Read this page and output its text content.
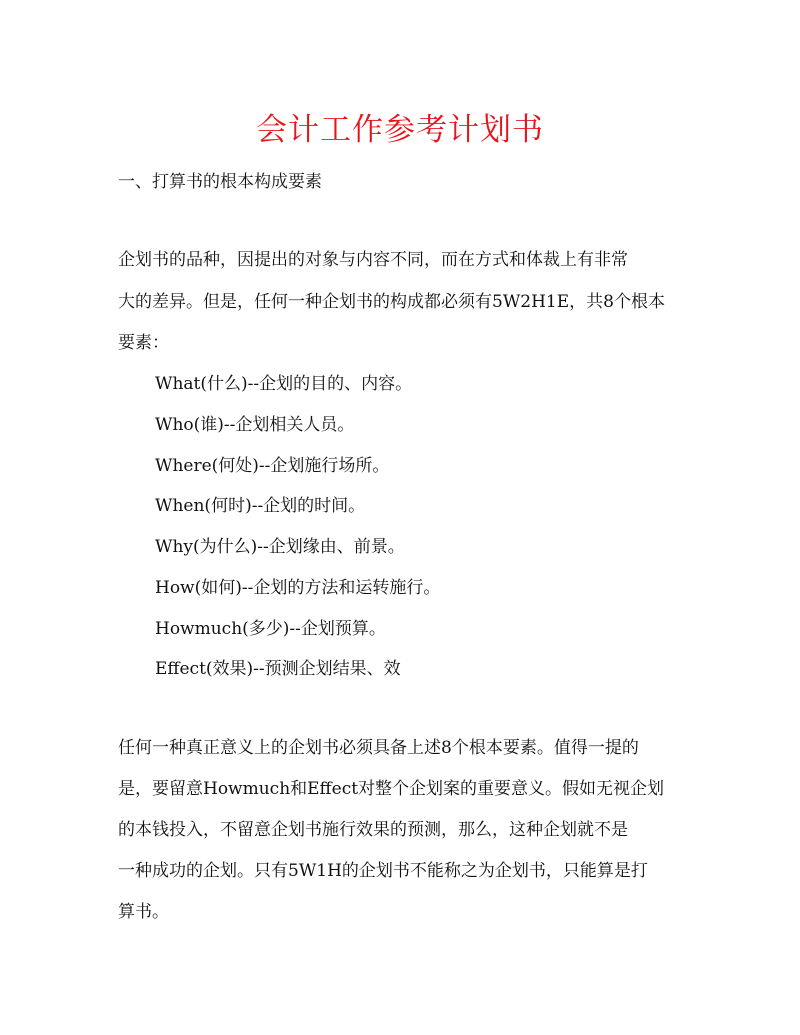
会计工作参考计划书
一、打算书的根本构成要素
企划书的品种，因提出的对象与内容不同，而在方式和体裁上有非常
大的差异。但是，任何一种企划书的构成都必须有5W2H1E，共8个根本
要素：
What(什么)--企划的目的、内容。
Who(谁)--企划相关人员。
Where(何处)--企划施行场所。
When(何时)--企划的时间。
Why(为什么)--企划缘由、前景。
How(如何)--企划的方法和运转施行。
Howmuch(多少)--企划预算。
Effect(效果)--预测企划结果、效
任何一种真正意义上的企划书必须具备上述8个根本要素。值得一提的
是，要留意Howmuch和Effect对整个企划案的重要意义。假如无视企划
的本钱投入，不留意企划书施行效果的预测，那么，这种企划就不是
一种成功的企划。只有5W1H的企划书不能称之为企划书，只能算是打
算书。
